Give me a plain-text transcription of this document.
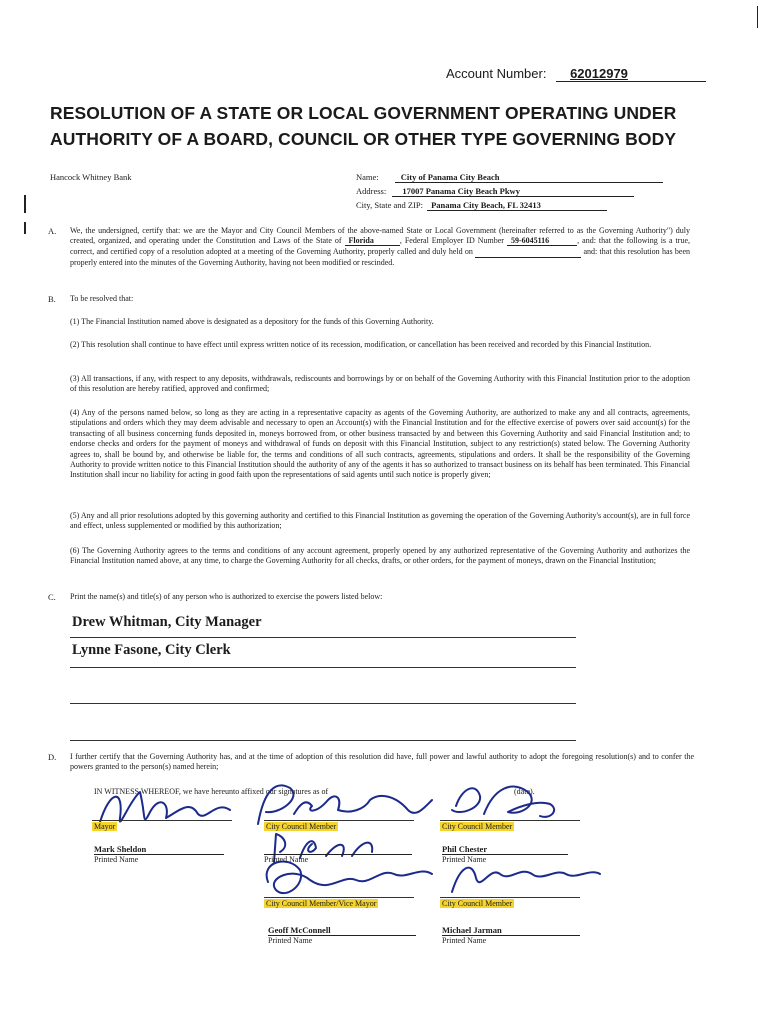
Account Number: 62012979
RESOLUTION OF A STATE OR LOCAL GOVERNMENT OPERATING UNDER
AUTHORITY OF A BOARD, COUNCIL OR OTHER TYPE GOVERNING BODY
Hancock Whitney Bank	Name:	City of Panama City Beach
Address: 17007 Panama City Beach Pkwy
City, State and ZIP: Panama City Beach, FL 32413
A. We, the undersigned, certify that: we are the Mayor and City Council Members of the above-named State or Local Government (hereinafter referred to as the Governing Authority") duly created, organized, and operating under the Constitution and Laws of the State of Florida	, Federal Employer ID Number 59-6045116	, and: that the following is a true, correct, and certified copy of a resolution adopted at a meeting of the Governing Authority, properly called and duly held on	and: that this resolution has been properly entered into the minutes of the Governing Authority, having not been modified or rescinded.
B. To be resolved that:
(1) The Financial Institution named above is designated as a depository for the funds of this Governing Authority.
(2) This resolution shall continue to have effect until express written notice of its recession, modification, or cancellation has been received and recorded by this Financial Institution.
(3) All transactions, if any, with respect to any deposits, withdrawals, rediscounts and borrowings by or on behalf of the Governing Authority with this Financial Institution prior to the adoption of this resolution are hereby ratified, approved and confirmed;
(4) Any of the persons named below, so long as they are acting in a representative capacity as agents of the Governing Authority, are authorized to make any and all contracts, agreements, stipulations and orders which they may deem advisable and necessary to open an Account(s) with the Financial Institution and for the effective exercise of powers over said account(s) for the transacting of all business concerning funds deposited in, moneys borrowed from, or other business transacted by and between this Governing Authority and said Financial Institution and; to endorse checks and orders for the payment of moneys and withdrawal of funds on deposit with this Financial Institution, subject to any restriction(s) stated below. The Governing Authority agrees to, shall be bound by, and otherwise be liable for, the terms and conditions of all such contracts, agreements, stipulations and orders. It shall be the responsibility of the Governing Authority to provide written notice to this Financial Institution should the authority of any of the agents it has so authorized to transact business on its behalf has been terminated. This Financial Institution shall incur no liability for acting in good faith upon the representations of said agents until such notice is properly given;
(5) Any and all prior resolutions adopted by this governing authority and certified to this Financial Institution as governing the operation of the Governing Authority's account(s), are in full force and effect, unless supplemented or modified by this authorization;
(6) The Governing Authority agrees to the terms and conditions of any account agreement, properly opened by any authorized representative of the Governing Authority and authorizes the Financial Institution named above, at any time, to charge the Governing Authority for all checks, drafts, or other orders, for the payment of moneys, drawn on the Financial Institution;
C. Print the name(s) and title(s) of any person who is authorized to exercise the powers listed below:
Drew Whitman, City Manager
Lynne Fasone, City Clerk
D. I further certify that the Governing Authority has, and at the time of adoption of this resolution did have, full power and lawful authority to adopt the foregoing resolution(s) and to confer the powers granted to the person(s) named herein;
IN WITNESS WHEREOF, we have hereunto affixed our signatures as of	(date).
Mayor
Mark Sheldon
Printed Name
City Council Member
Printed Name
City Council Member
Phil Chester
Printed Name
City Council Member/Vice Mayor
Geoff McConnell
Printed Name
City Council Member
Michael Jarman
Printed Name
